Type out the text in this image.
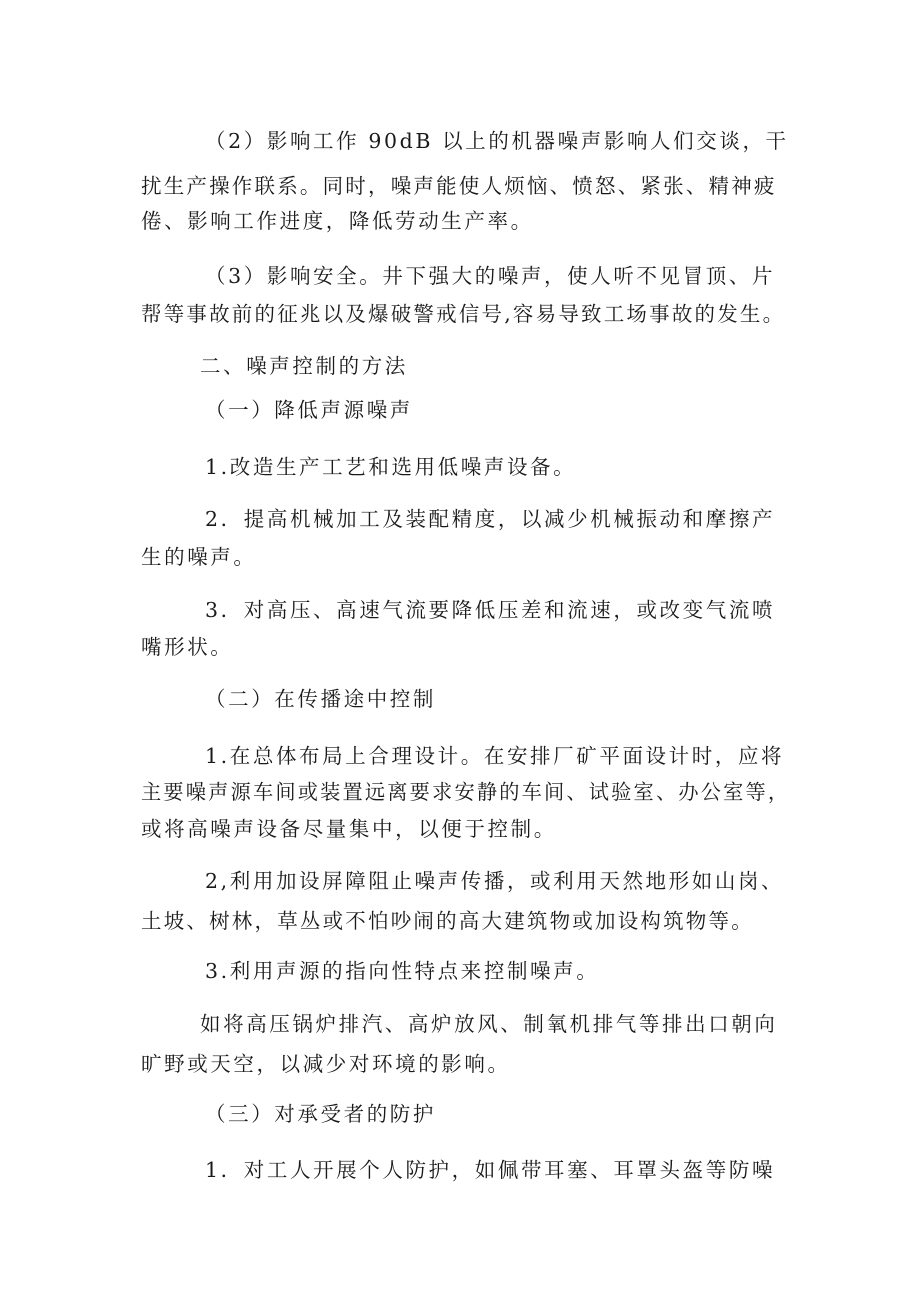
（2）影响工作 90dB 以上的机器噪声影响人们交谈，干
扰生产操作联系。同时，噪声能使人烦恼、愤怒、紧张、精神疲
倦、影响工作进度，降低劳动生产率。
（3）影响安全。井下强大的噪声，使人听不见冒顶、片
帮等事故前的征兆以及爆破警戒信号,容易导致工场事故的发生。
二、噪声控制的方法
（一）降低声源噪声
1.改造生产工艺和选用低噪声设备。
2．提高机械加工及装配精度，以减少机械振动和摩擦产
生的噪声。
3．对高压、高速气流要降低压差和流速，或改变气流喷
嘴形状。
（二）在传播途中控制
1.在总体布局上合理设计。在安排厂矿平面设计时，应将
主要噪声源车间或装置远离要求安静的车间、试验室、办公室等，
或将高噪声设备尽量集中，以便于控制。
2,利用加设屏障阻止噪声传播，或利用天然地形如山岗、
土坡、树林，草丛或不怕吵闹的高大建筑物或加设构筑物等。
3.利用声源的指向性特点来控制噪声。
如将高压锅炉排汽、高炉放风、制氧机排气等排出口朝向
旷野或天空，以减少对环境的影响。
（三）对承受者的防护
1．对工人开展个人防护，如佩带耳塞、耳罩头盔等防噪
